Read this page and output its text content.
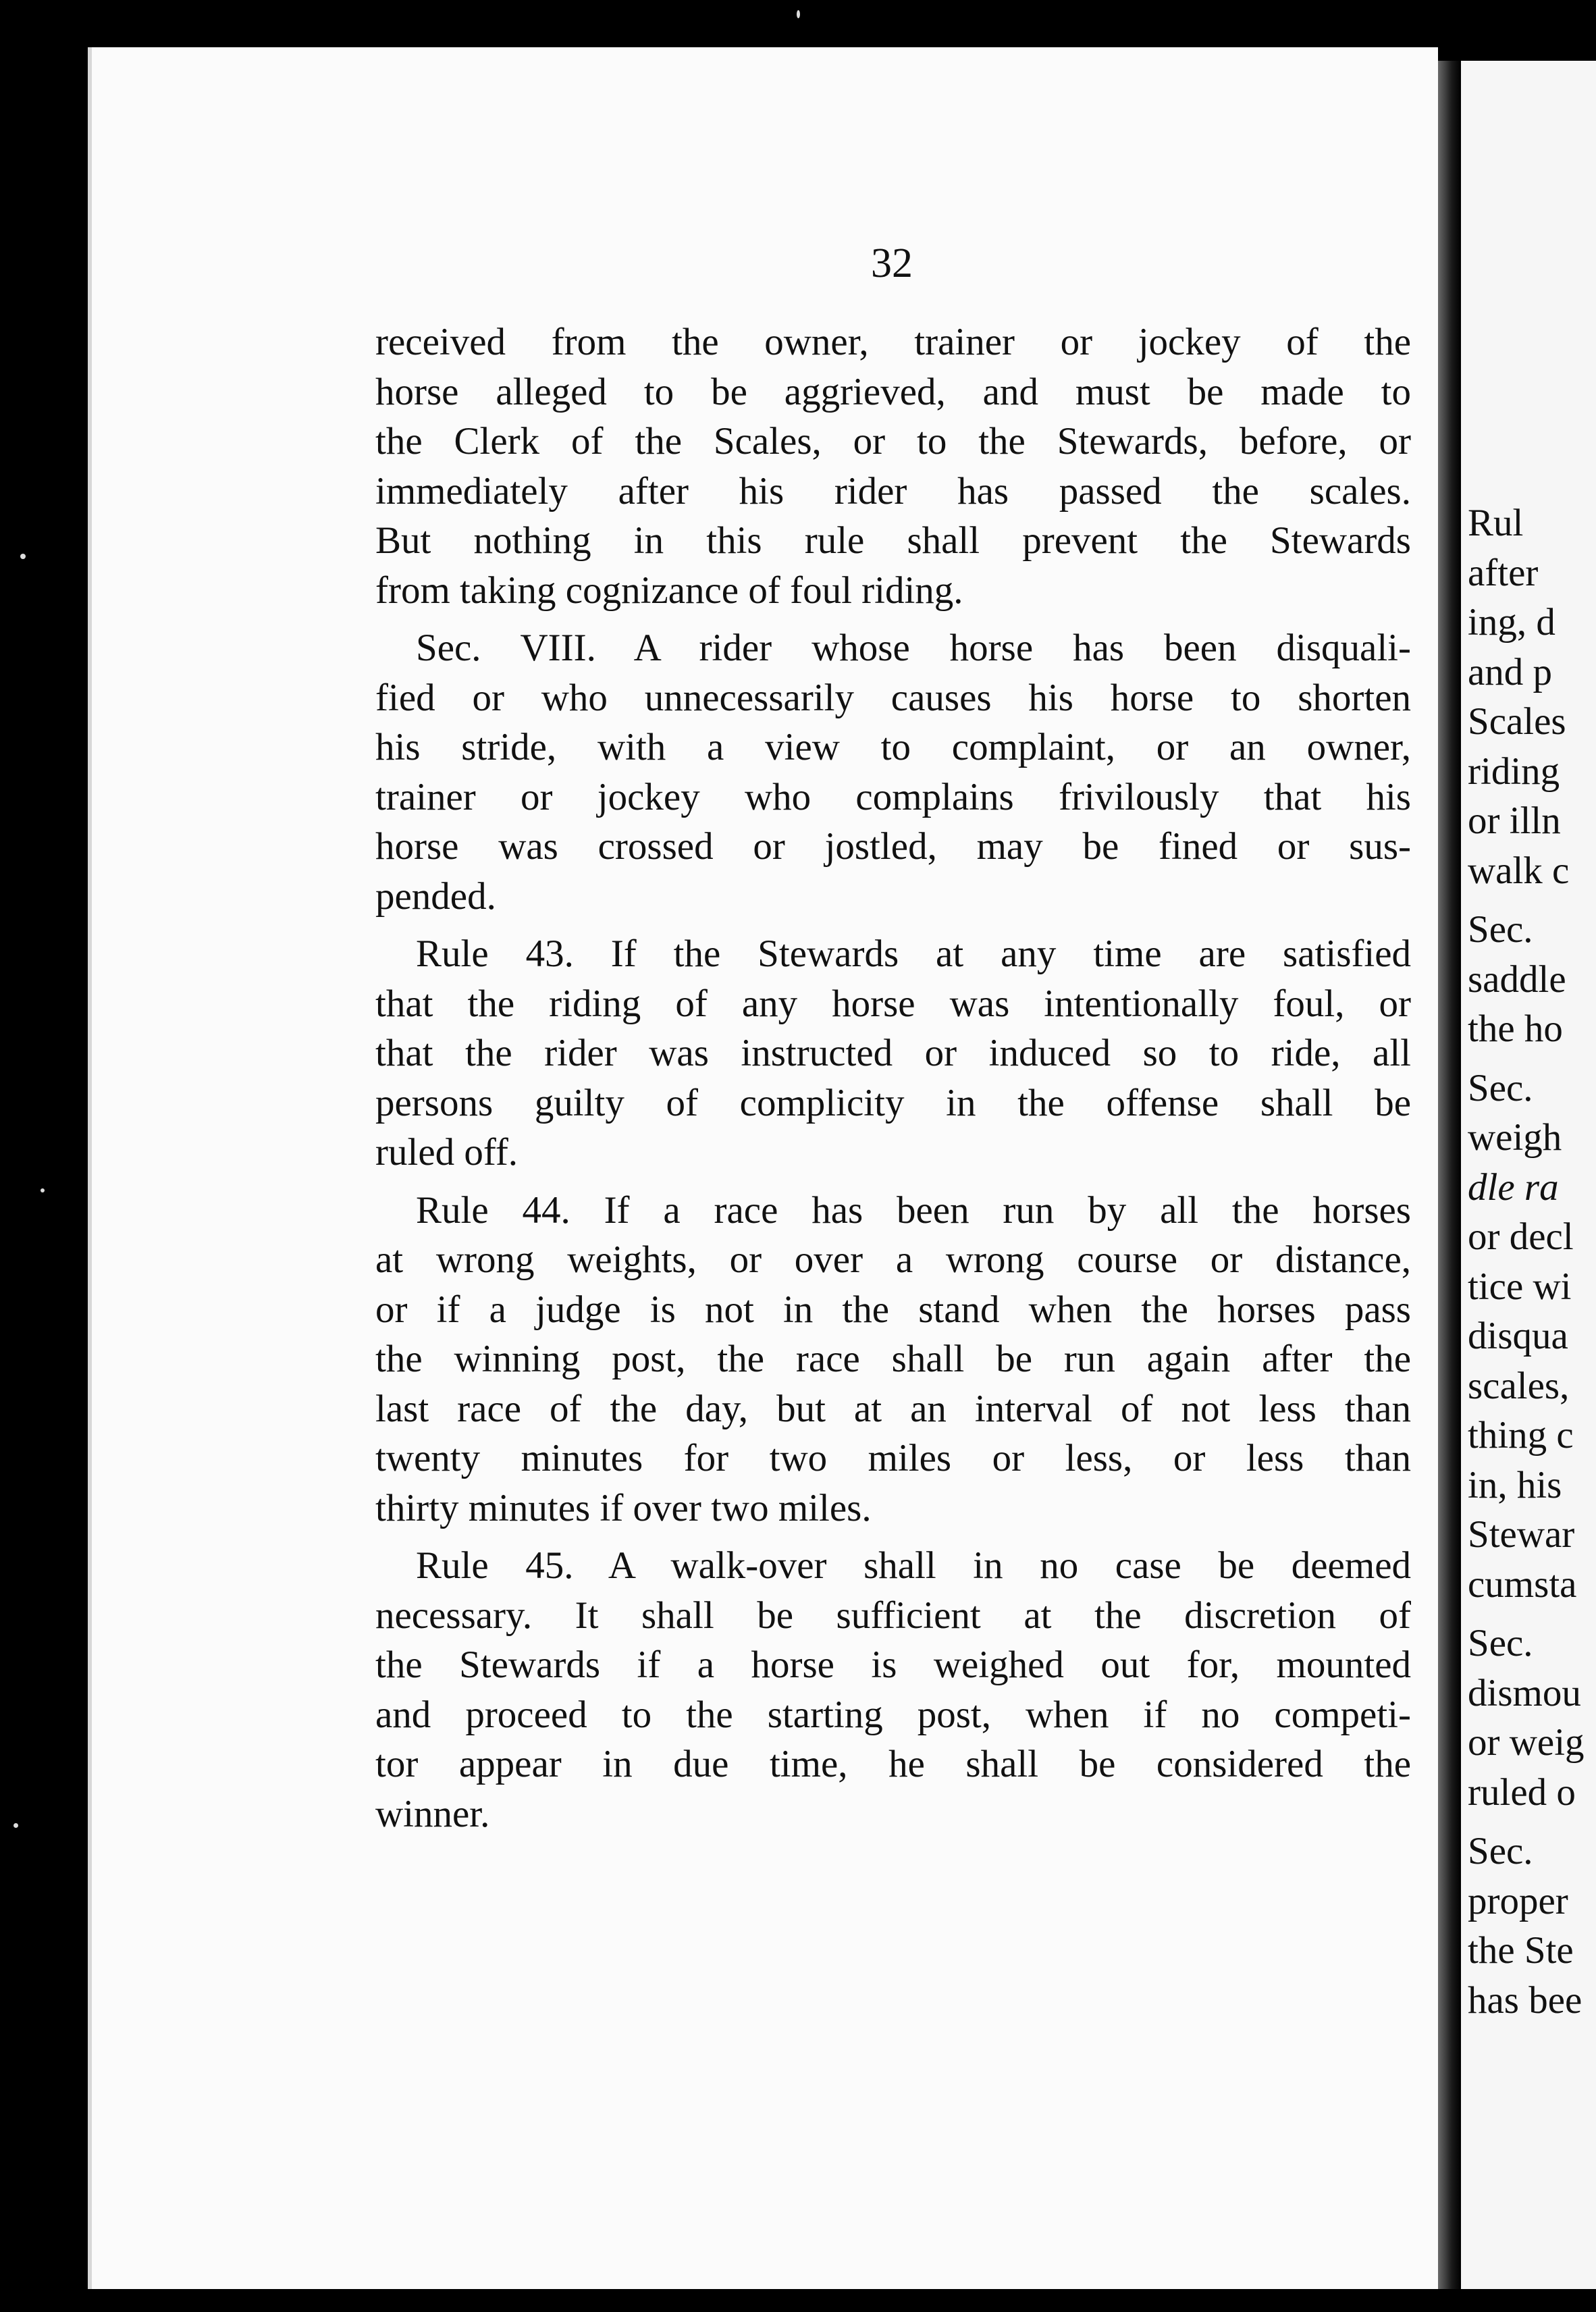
32
received from the owner, trainer or jockey of the
horse alleged to be aggrieved, and must be made to
the Clerk of the Scales, or to the Stewards, before, or
immediately after his rider has passed the scales.
But nothing in this rule shall prevent the Stewards
from taking cognizance of foul riding.
Sec. VIII. A rider whose horse has been disquali-
fied or who unnecessarily causes his horse to shorten
his stride, with a view to complaint, or an owner,
trainer or jockey who complains frivilously that his
horse was crossed or jostled, may be fined or sus-
pended.
Rule 43. If the Stewards at any time are satisfied
that the riding of any horse was intentionally foul, or
that the rider was instructed or induced so to ride, all
persons guilty of complicity in the offense shall be
ruled off.
Rule 44. If a race has been run by all the horses
at wrong weights, or over a wrong course or distance,
or if a judge is not in the stand when the horses pass
the winning post, the race shall be run again after the
last race of the day, but at an interval of not less than
twenty minutes for two miles or less, or less than
thirty minutes if over two miles.
Rule 45. A walk-over shall in no case be deemed
necessary. It shall be sufficient at the discretion of
the Stewards if a horse is weighed out for, mounted
and proceed to the starting post, when if no competi-
tor appear in due time, he shall be considered the
winner.
Rul
after
ing, d
and p
Scales
riding
or illn
walk c
Sec.
saddle
the ho
Sec.
weigh
dle ra
or decl
tice wi
disqua
scales,
thing c
in, his
Stewar
cumsta
Sec.
dismou
or weig
ruled o
Sec.
proper
the Ste
has bee
